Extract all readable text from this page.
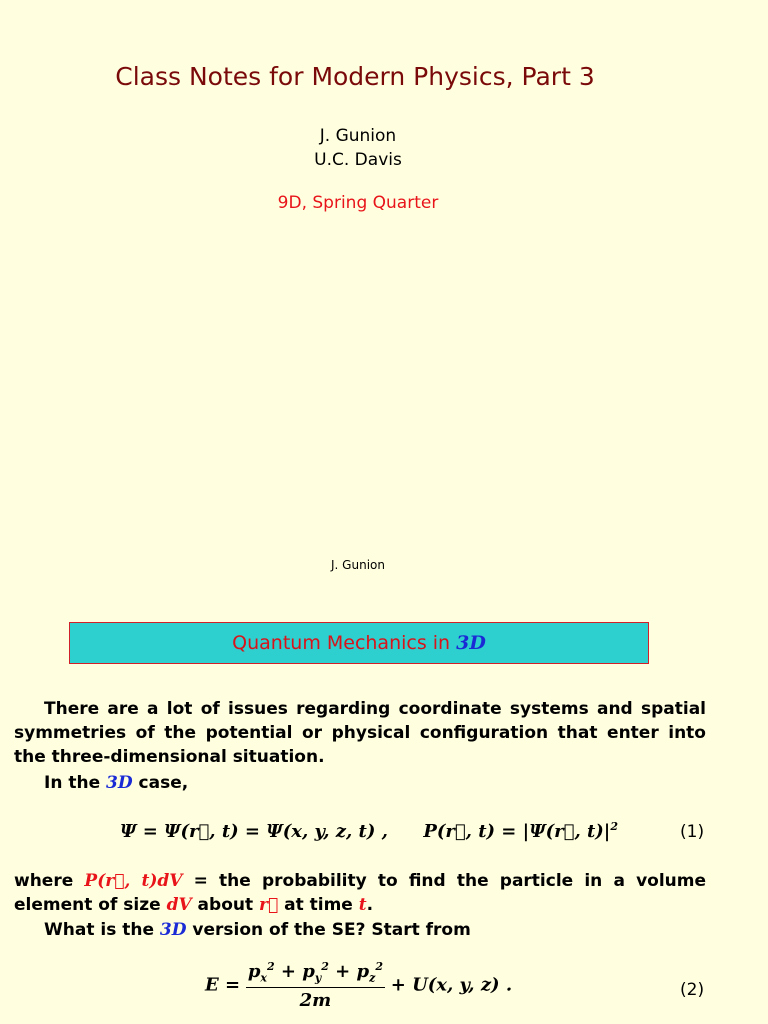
Class Notes for Modern Physics, Part 3
J. Gunion
U.C. Davis
9D, Spring Quarter
J. Gunion
Quantum Mechanics in 3D
There are a lot of issues regarding coordinate systems and spatial symmetries of the potential or physical configuration that enter into the three-dimensional situation.
In the 3D case,
Ψ = Ψ(r⃗, t) = Ψ(x, y, z, t) , P(r⃗, t) = |Ψ(r⃗, $t)|^2$	(1)
where P(r⃗, t)dV = the probability to find the particle in a volume element of size dV about r⃗ at time t.
What is the 3D version of the SE? Start from
$E = \frac{p_x^2 + p_y^2 + p_z^2}{2m} + U(x$, y, z) .	(2)
